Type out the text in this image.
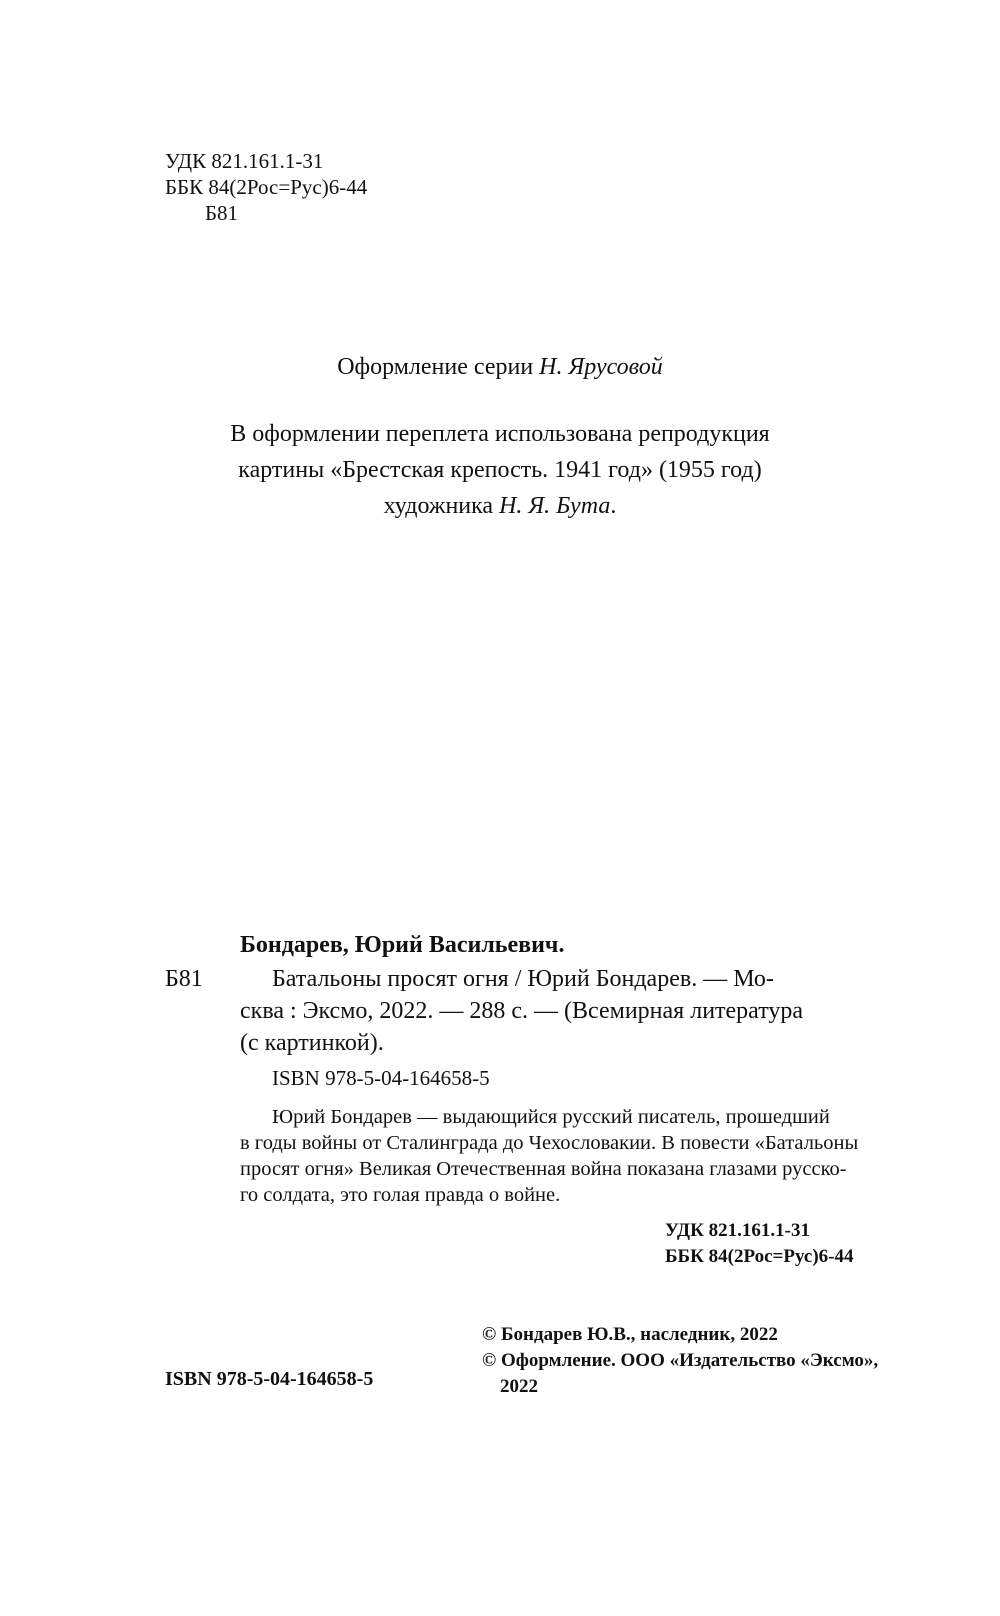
УДК 821.161.1-31
ББК 84(2Рос=Рус)6-44
Б81
Оформление серии Н. Ярусовой
В оформлении переплета использована репродукция
картины «Брестская крепость. 1941 год» (1955 год)
художника Н. Я. Бута.
Бондарев, Юрий Васильевич.
Б81	Батальоны просят огня / Юрий Бондарев. — Мо-
сква : Эксмо, 2022. — 288 с. — (Всемирная литература
(с картинкой).
ISBN 978-5-04-164658-5
Юрий Бондарев — выдающийся русский писатель, прошедший
в годы войны от Сталинграда до Чехословакии. В повести «Батальоны
просят огня» Великая Отечественная война показана глазами русско-
го солдата, это голая правда о войне.
УДК 821.161.1-31
ББК 84(2Рос=Рус)6-44
© Бондарев Ю.В., наследник, 2022
© Оформление. ООО «Издательство «Эксмо»,
2022
ISBN 978-5-04-164658-5
